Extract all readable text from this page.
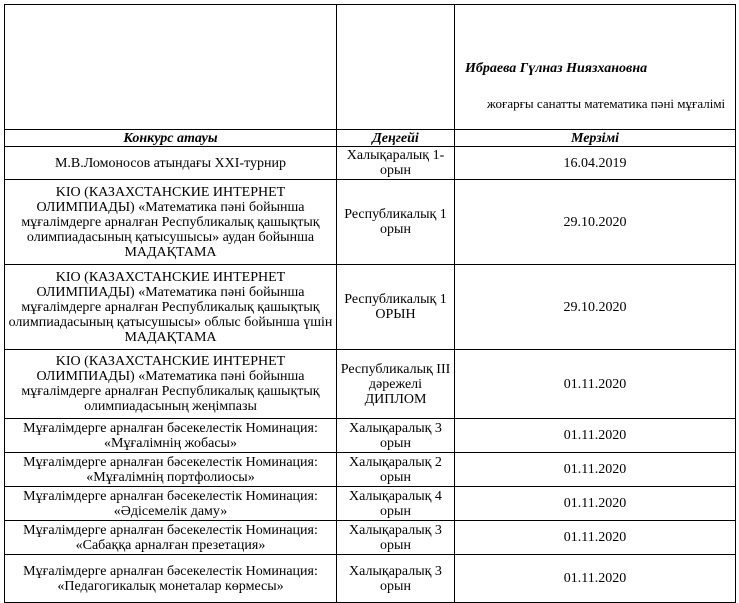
		Ибраева Гүлназ Ниязхановна
жоғарғы санатты математика пәні мұғалімі

Конкурс атауы	Деңгейі	Мерзімі
М.В.Ломоносов атындағы XXI-турнир	Халықаралық 1-орын	16.04.2019
KIO (КАЗАХСТАНСКИЕ ИНТЕРНЕТ ОЛИМПИАДЫ) «Математика пәні бойынша мұғалімдерге арналған Республикалық қашықтық олимпиадасының қатысушысы» аудан бойынша МАДАҚТАМА	Республикалық 1 орын	29.10.2020
KIO (КАЗАХСТАНСКИЕ ИНТЕРНЕТ ОЛИМПИАДЫ) «Математика пәні бойынша мұғалімдерге арналған Республикалық қашықтық олимпиадасының қатысушысы» облыс бойынша үшін МАДАҚТАМА	Республикалық 1 ОРЫН	29.10.2020
KIO (КАЗАХСТАНСКИЕ ИНТЕРНЕТ ОЛИМПИАДЫ) «Математика пәні бойынша мұғалімдерге арналған Республикалық қашықтық олимпиадасының жеңімпазы	Республикалық III дәрежелі ДИПЛОМ	01.11.2020
Мұғалімдерге арналған бәсекелестік Номинация: «Мұғалімнің жобасы»	Халықаралық 3 орын	01.11.2020
Мұғалімдерге арналған бәсекелестік Номинация: «Мұғалімнің портфолиосы»	Халықаралық 2 орын	01.11.2020
Мұғалімдерге арналған бәсекелестік Номинация: «Әдісемелік даму»	Халықаралық 4 орын	01.11.2020
Мұғалімдерге арналған бәсекелестік Номинация: «Сабаққа арналған презетация»	Халықаралық 3 орын	01.11.2020
Мұғалімдерге арналған бәсекелестік Номинация: «Педагогикалық монеталар көрмесы»	Халықаралық 3 орын	01.11.2020
